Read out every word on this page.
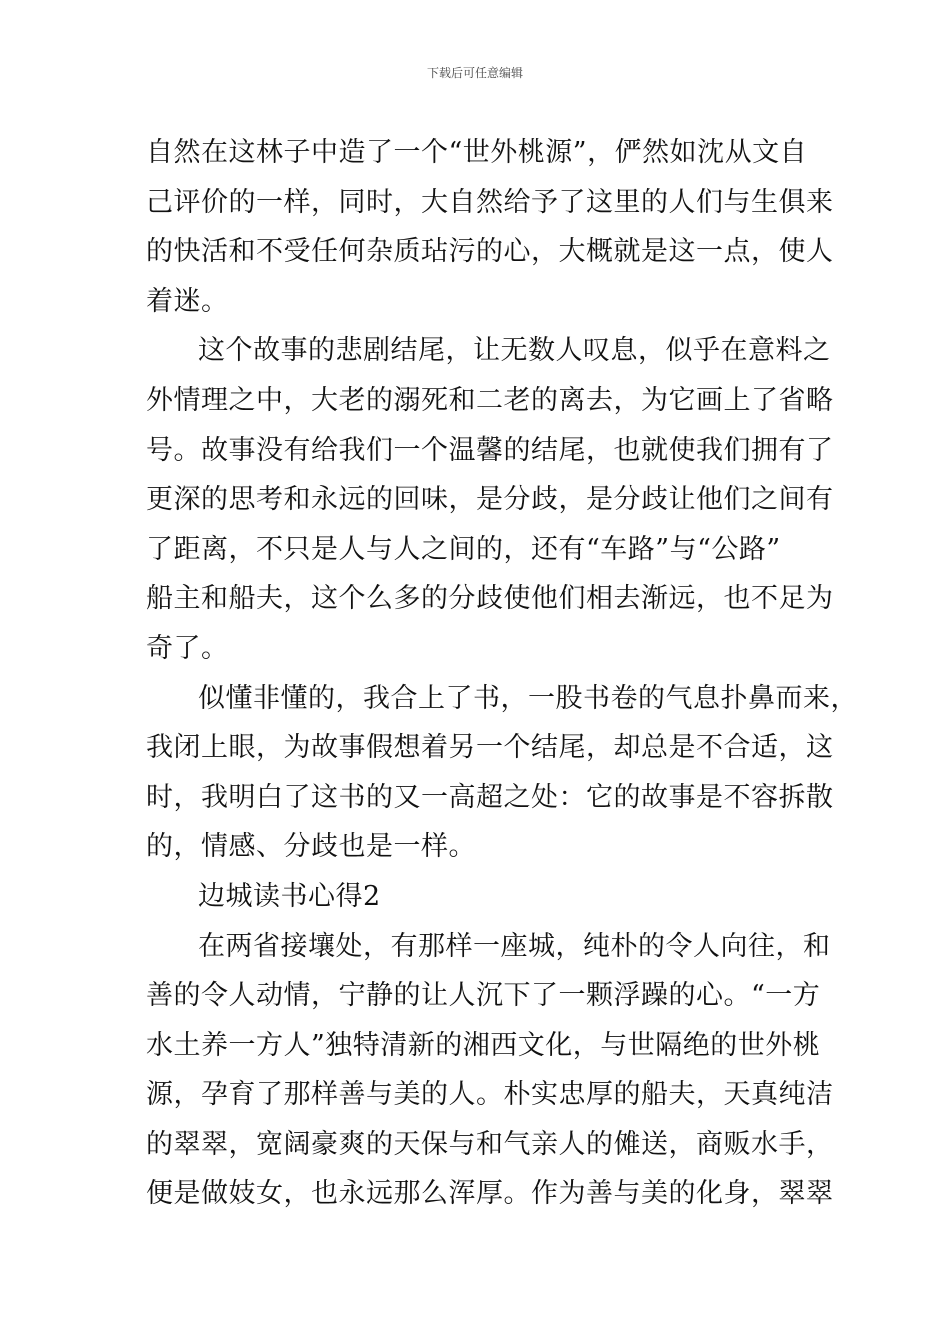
下载后可任意编辑
自然在这林子中造了一个“世外桃源”，俨然如沈从文自
己评价的一样，同时，大自然给予了这里的人们与生俱来
的快活和不受任何杂质玷污的心，大概就是这一点，使人
着迷。
这个故事的悲剧结尾，让无数人叹息，似乎在意料之
外情理之中，大老的溺死和二老的离去，为它画上了省略
号。故事没有给我们一个温馨的结尾，也就使我们拥有了
更深的思考和永远的回味，是分歧，是分歧让他们之间有
了距离，不只是人与人之间的，还有“车路”与“公路”
船主和船夫，这个么多的分歧使他们相去渐远，也不足为
奇了。
似懂非懂的，我合上了书，一股书卷的气息扑鼻而来，
我闭上眼，为故事假想着另一个结尾，却总是不合适，这
时，我明白了这书的又一高超之处：它的故事是不容拆散
的，情感、分歧也是一样。
边城读书心得2
在两省接壤处，有那样一座城，纯朴的令人向往，和
善的令人动情，宁静的让人沉下了一颗浮躁的心。“一方
水土养一方人”独特清新的湘西文化，与世隔绝的世外桃
源，孕育了那样善与美的人。朴实忠厚的船夫，天真纯洁
的翠翠，宽阔豪爽的天保与和气亲人的傩送，商贩水手，
便是做妓女，也永远那么浑厚。作为善与美的化身，翠翠
